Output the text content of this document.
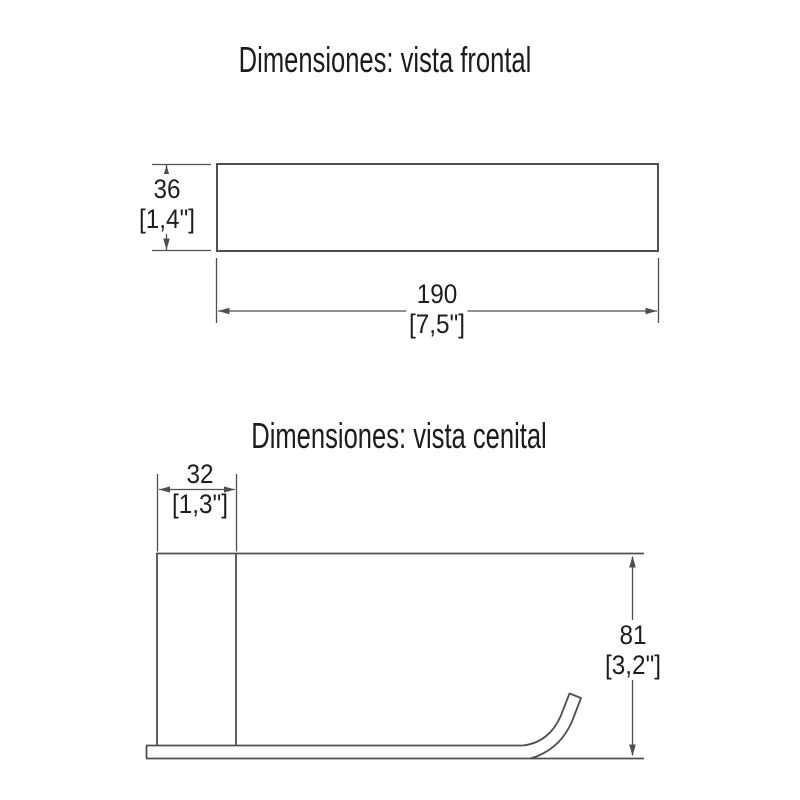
Dimensiones: vista frontal
Dimensiones: vista cenital
36
[1,4"]
190
[7,5"]
32
[1,3"]
81
[3,2"]
